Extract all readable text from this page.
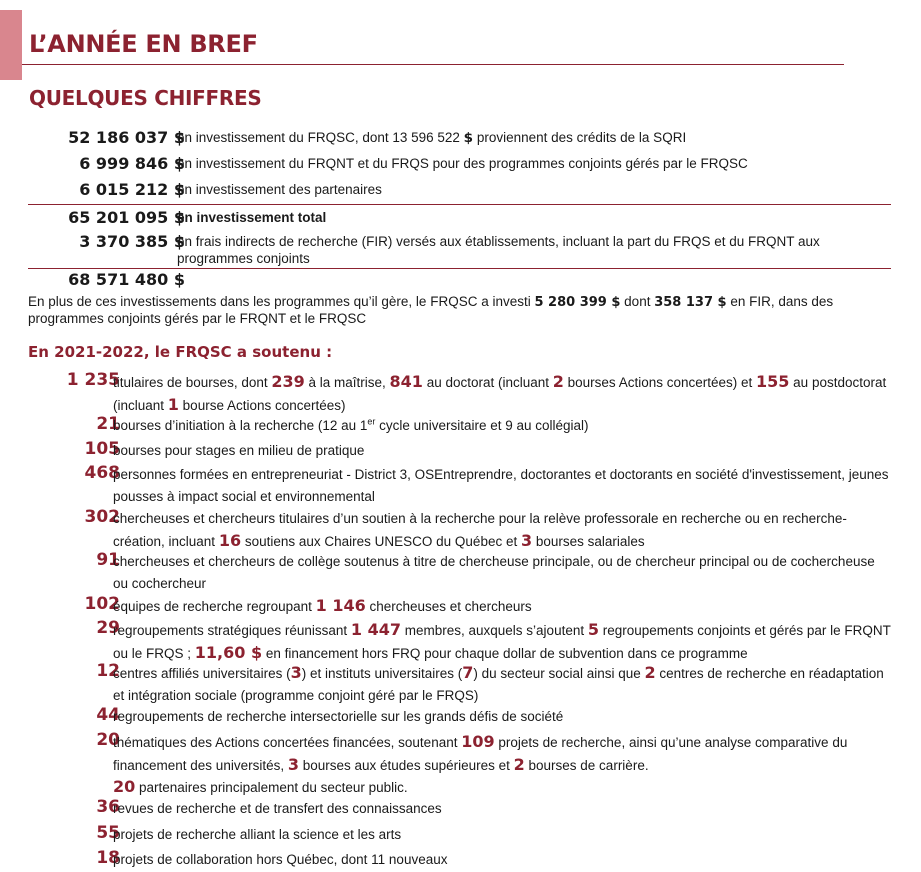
L’ANNÉE EN BREF
QUELQUES CHIFFRES
52 186 037 $
en investissement du FRQSC, dont 13 596 522 $ proviennent des crédits de la SQRI
6 999 846 $
en investissement du FRQNT et du FRQS pour des programmes conjoints gérés par le FRQSC
6 015 212 $
en investissement des partenaires
65 201 095 $
en investissement total
3 370 385 $
en frais indirects de recherche (FIR) versés aux établissements, incluant la part du FRQS et du FRQNT aux programmes conjoints
68 571 480 $
En plus de ces investissements dans les programmes qu’il gère, le FRQSC a investi 5 280 399 $ dont 358 137 $ en FIR, dans des programmes conjoints gérés par le FRQNT et le FRQSC
En 2021-2022, le FRQSC a soutenu :
1 235
titulaires de bourses, dont 239 à la maîtrise, 841 au doctorat (incluant 2 bourses Actions concertées) et 155 au postdoctorat (incluant 1 bourse Actions concertées)
21
bourses d’initiation à la recherche (12 au 1er cycle universitaire et 9 au collégial)
105
bourses pour stages en milieu de pratique
468
personnes formées en entrepreneuriat - District 3, OSEntreprendre, doctorantes et doctorants en société d'investissement, jeunes pousses à impact social et environnemental
302
chercheuses et chercheurs titulaires d’un soutien à la recherche pour la relève professorale en recherche ou en recherche-création, incluant 16 soutiens aux Chaires UNESCO du Québec et 3 bourses salariales
91
chercheuses et chercheurs de collège soutenus à titre de chercheuse principale, ou de chercheur principal ou de cochercheuse ou cochercheur
102
équipes de recherche regroupant 1 146 chercheuses et chercheurs
29
regroupements stratégiques réunissant 1 447 membres, auxquels s’ajoutent 5 regroupements conjoints et gérés par le FRQNT ou le FRQS ; 11,60 $ en financement hors FRQ pour chaque dollar de subvention dans ce programme
12
centres affiliés universitaires (3) et instituts universitaires (7) du secteur social ainsi que 2 centres de recherche en réadaptation et intégration sociale (programme conjoint géré par le FRQS)
44
regroupements de recherche intersectorielle sur les grands défis de société
20
thématiques des Actions concertées financées, soutenant 109 projets de recherche, ainsi qu’une analyse comparative du financement des universités, 3 bourses aux études supérieures et 2 bourses de carrière.
20 partenaires principalement du secteur public.
36
revues de recherche et de transfert des connaissances
55
projets de recherche alliant la science et les arts
18
projets de collaboration hors Québec, dont 11 nouveaux
